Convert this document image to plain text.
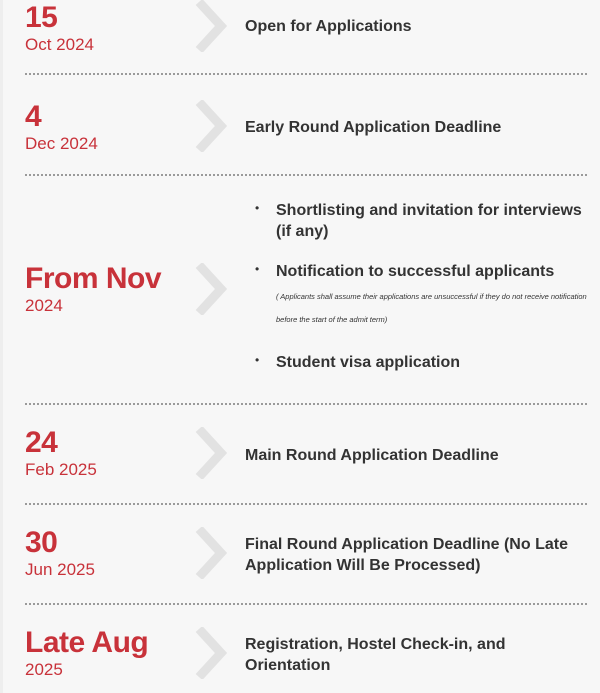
15
Oct 2024
Open for Applications
4
Dec 2024
Early Round Application Deadline
From Nov
2024
• Shortlisting and invitation for interviews (if any)
• Notification to successful applicants
( Applicants shall assume their applications are unsuccessful if they do not receive notification before the start of the admit term)
• Student visa application
24
Feb 2025
Main Round Application Deadline
30
Jun 2025
Final Round Application Deadline (No Late Application Will Be Processed)
Late Aug
2025
Registration, Hostel Check-in, and Orientation
